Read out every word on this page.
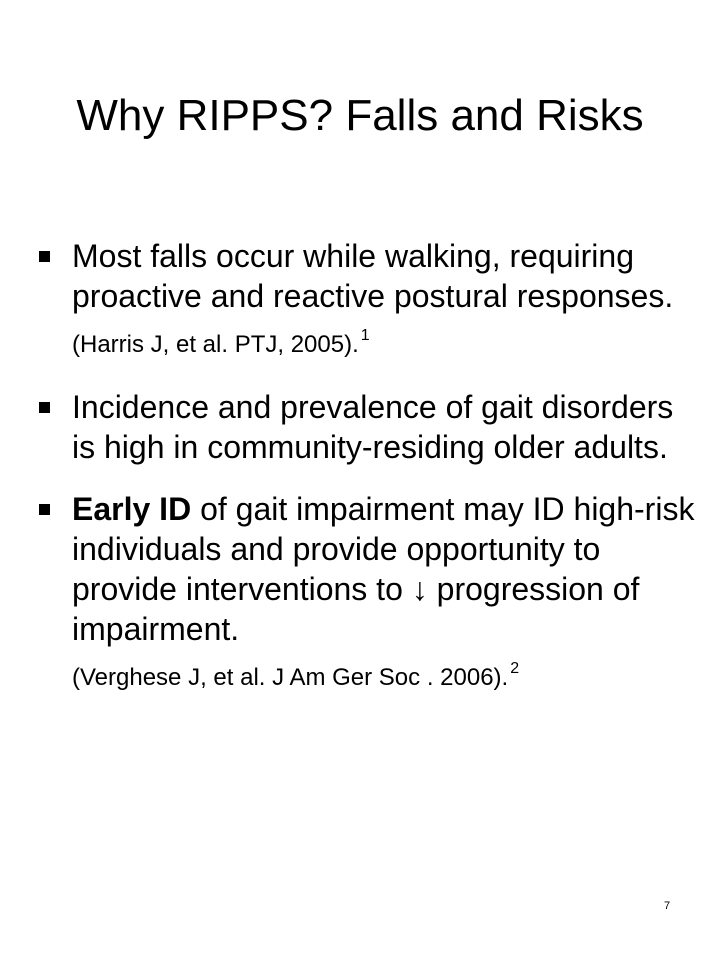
Why RIPPS? Falls and Risks
Most falls occur while walking, requiring proactive and reactive postural responses. (Harris J, et al. PTJ, 2005). $^1$
Incidence and prevalence of gait disorders is high in community-residing older adults.
Early ID of gait impairment may ID high-risk individuals and provide opportunity to provide interventions to ↓ progression of impairment.
(Verghese J, et al. J Am Ger Soc . 2006). $^2$
7
